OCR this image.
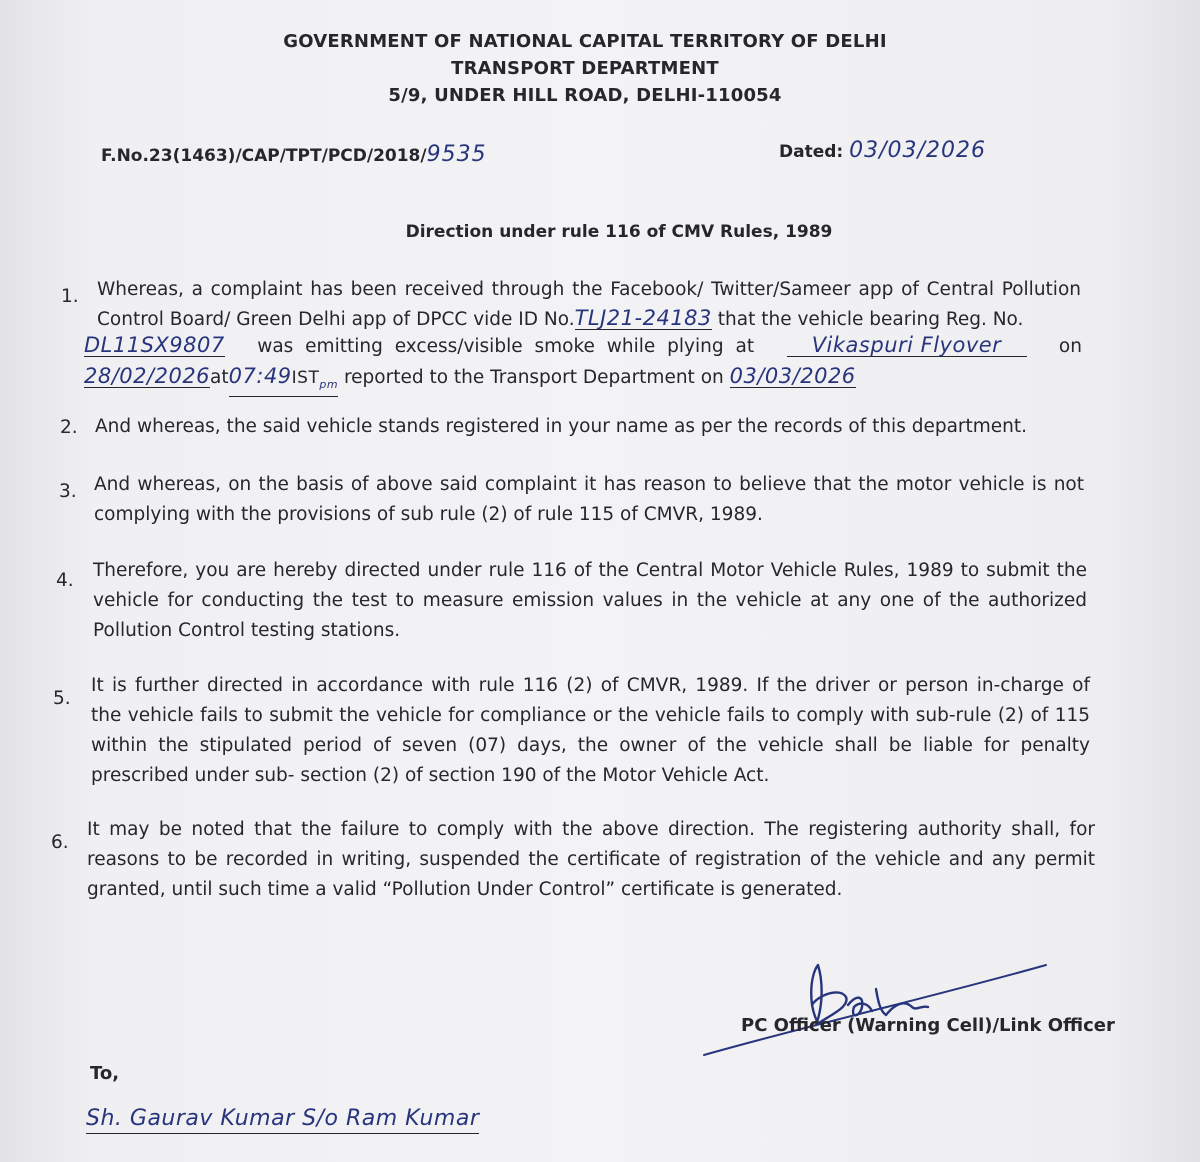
GOVERNMENT OF NATIONAL CAPITAL TERRITORY OF DELHI
TRANSPORT DEPARTMENT
5/9, UNDER HILL ROAD, DELHI-110054
F.No.23(1463)/CAP/TPT/PCD/2018/9535	Dated: 03/03/2026
Direction under rule 116 of CMV Rules, 1989
1. Whereas, a complaint has been received through the Facebook/ Twitter/Sameer app of Central Pollution
Control Board/ Green Delhi app of DPCC vide ID No.TLJ21-24183 that the vehicle bearing Reg. No.
DL11SX9807 was emitting excess/visible smoke while plying at	Vikaspuri Flyover	on
$28/02/2026at07:49IST_{pm}$ reported to the Transport Department on 03/03/2026
2. And whereas, the said vehicle stands registered in your name as per the records of this department.
3. And whereas, on the basis of above said complaint it has reason to believe that the motor vehicle is not
complying with the provisions of sub rule (2) of rule 115 of CMVR, 1989.
4. Therefore, you are hereby directed under rule 116 of the Central Motor Vehicle Rules, 1989 to submit the
vehicle for conducting the test to measure emission values in the vehicle at any one of the authorized
Pollution Control testing stations.
5.
It is further directed in accordance with rule 116 (2) of CMVR, 1989. If the driver or person in-charge of
the vehicle fails to submit the vehicle for compliance or the vehicle fails to comply with sub-rule (2) of 115
within the stipulated period of seven (07) days, the owner of the vehicle shall be liable for penalty
prescribed under sub- section (2) of section 190 of the Motor Vehicle Act.
6.
It may be noted that the failure to comply with the above direction. The registering authority shall, for
reasons to be recorded in writing, suspended the certificate of registration of the vehicle and any permit
granted, until such time a valid “Pollution Under Control” certificate is generated.
PC Officer (Warning Cell)/Link Officer
To,
Sh. Gaurav Kumar S/o Ram Kumar
